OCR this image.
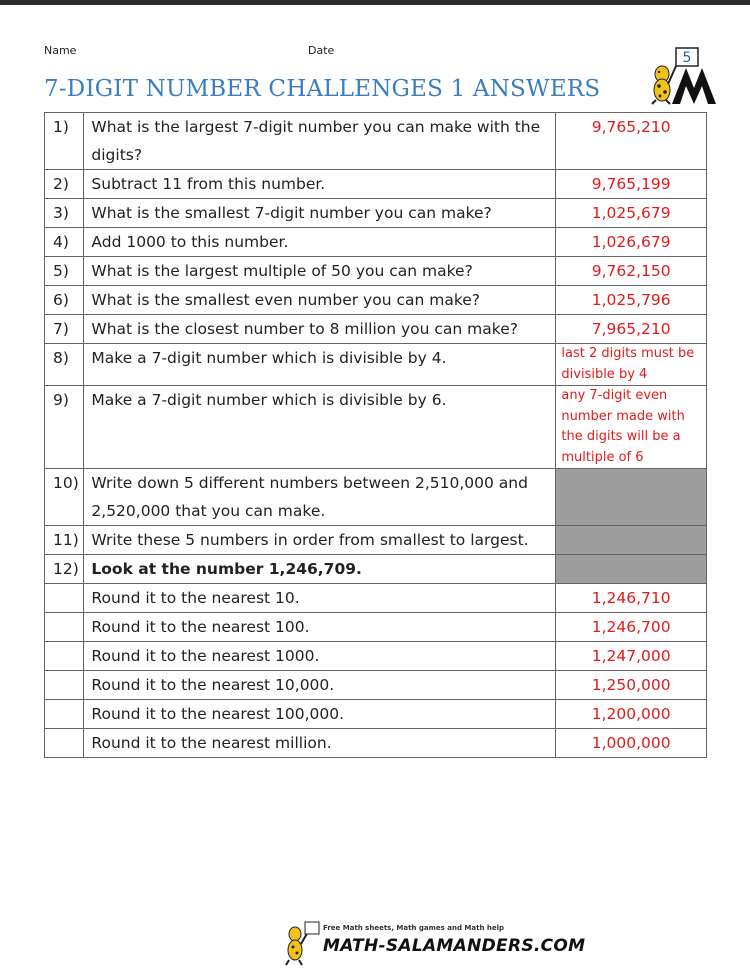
Name	Date
7-DIGIT NUMBER CHALLENGES 1 ANSWERS
5
1)	What is the largest 7-digit number you can make with the digits?	9,765,210
2)	Subtract 11 from this number.	9,765,199
3)	What is the smallest 7-digit number you can make?	1,025,679
4)	Add 1000 to this number.	1,026,679
5)	What is the largest multiple of 50 you can make?	9,762,150
6)	What is the smallest even number you can make?	1,025,796
7)	What is the closest number to 8 million you can make?	7,965,210
8)	Make a 7-digit number which is divisible by 4.	last 2 digits must be divisible by 4
9)	Make a 7-digit number which is divisible by 6.	any 7-digit even number made with the digits will be a multiple of 6
10)	Write down 5 different numbers between 2,510,000 and 2,520,000 that you can make.	
11)	Write these 5 numbers in order from smallest to largest.	
12)	Look at the number 1,246,709.	
	Round it to the nearest 10.	1,246,710
	Round it to the nearest 100.	1,246,700
	Round it to the nearest 1000.	1,247,000
	Round it to the nearest 10,000.	1,250,000
	Round it to the nearest 100,000.	1,200,000
	Round it to the nearest million.	1,000,000
Free Math sheets, Math games and Math help
MATH-SALAMANDERS.COM
